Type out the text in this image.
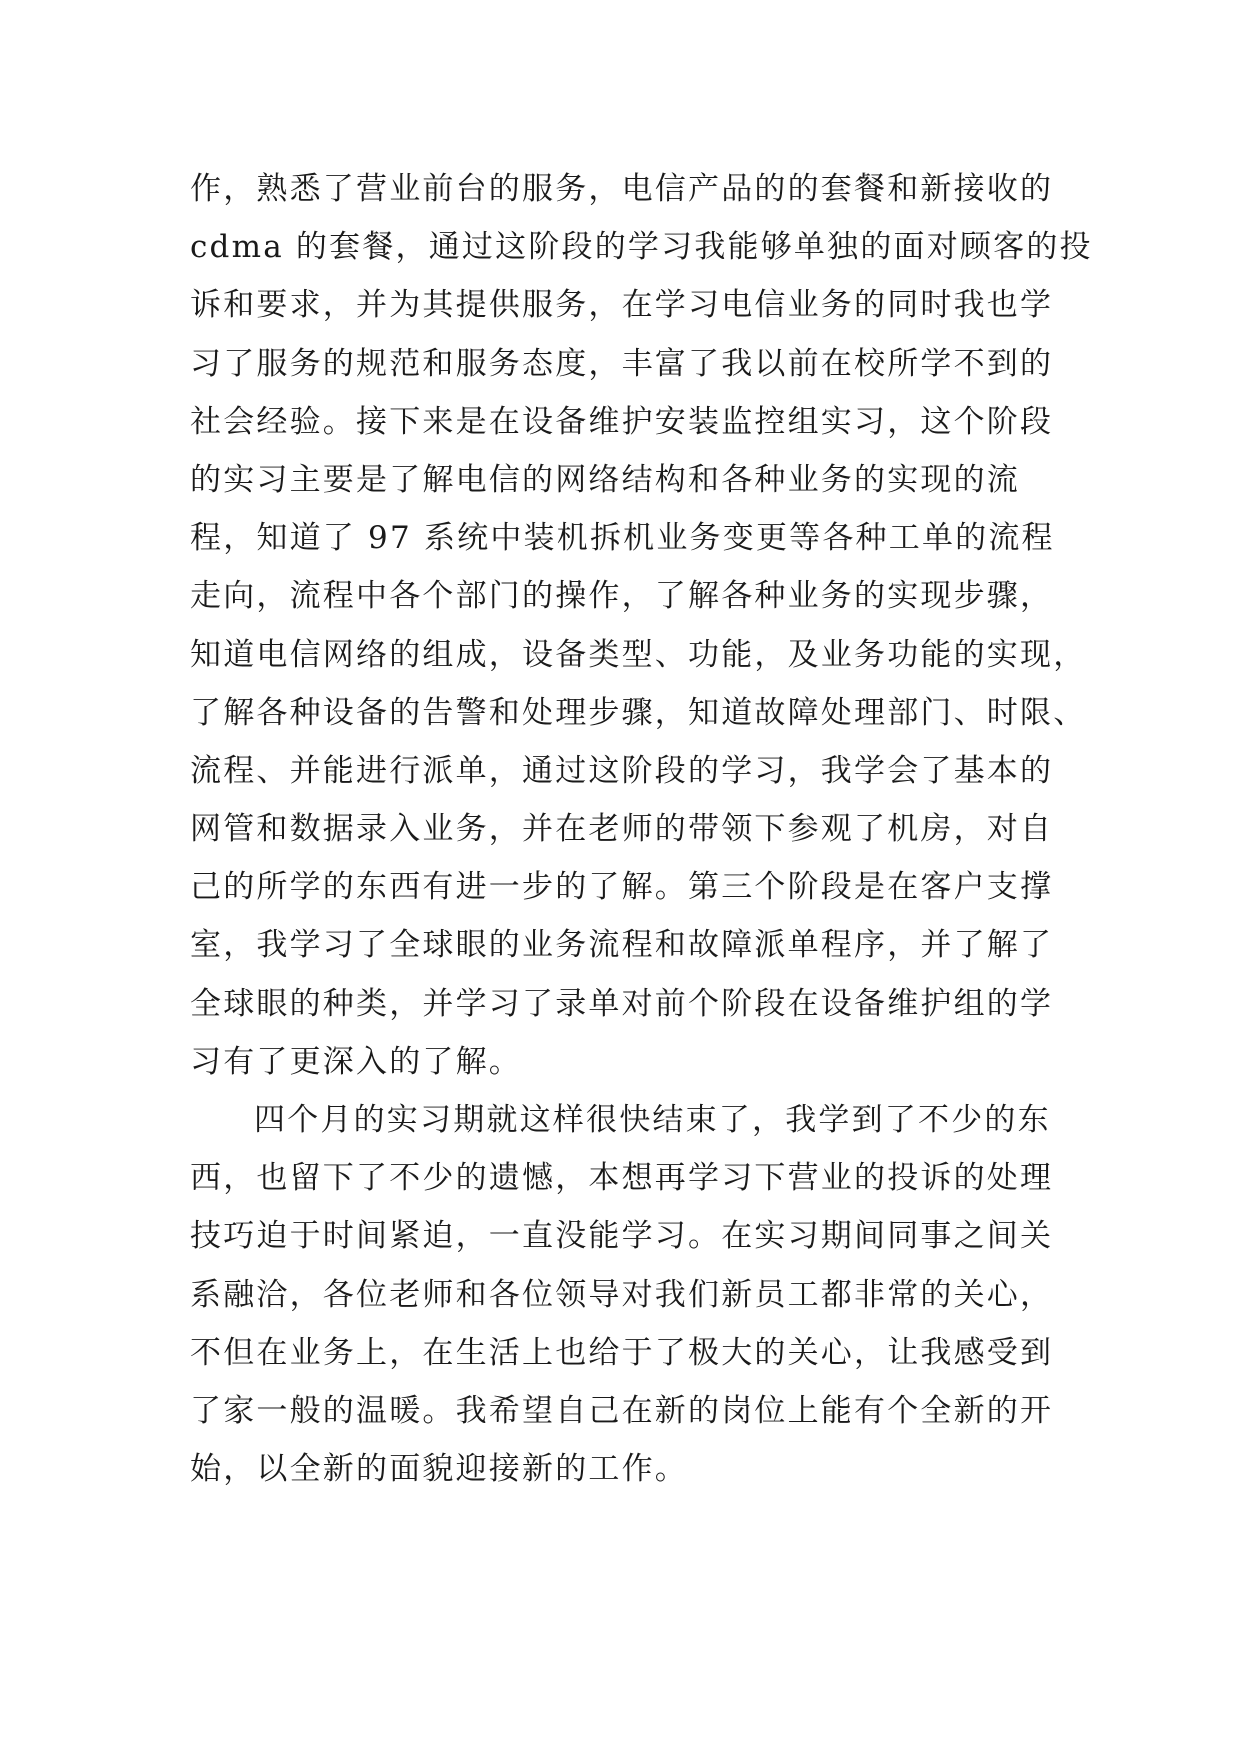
作，熟悉了营业前台的服务，电信产品的的套餐和新接收的
cdma 的套餐，通过这阶段的学习我能够单独的面对顾客的投
诉和要求，并为其提供服务，在学习电信业务的同时我也学
习了服务的规范和服务态度，丰富了我以前在校所学不到的
社会经验。接下来是在设备维护安装监控组实习，这个阶段
的实习主要是了解电信的网络结构和各种业务的实现的流
程，知道了 97 系统中装机拆机业务变更等各种工单的流程
走向，流程中各个部门的操作，了解各种业务的实现步骤，
知道电信网络的组成，设备类型、功能，及业务功能的实现，
了解各种设备的告警和处理步骤，知道故障处理部门、时限、
流程、并能进行派单，通过这阶段的学习，我学会了基本的
网管和数据录入业务，并在老师的带领下参观了机房，对自
己的所学的东西有进一步的了解。第三个阶段是在客户支撑
室，我学习了全球眼的业务流程和故障派单程序，并了解了
全球眼的种类，并学习了录单对前个阶段在设备维护组的学
习有了更深入的了解。
四个月的实习期就这样很快结束了，我学到了不少的东
西，也留下了不少的遗憾，本想再学习下营业的投诉的处理
技巧迫于时间紧迫，一直没能学习。在实习期间同事之间关
系融洽，各位老师和各位领导对我们新员工都非常的关心，
不但在业务上，在生活上也给于了极大的关心，让我感受到
了家一般的温暖。我希望自己在新的岗位上能有个全新的开
始，以全新的面貌迎接新的工作。
